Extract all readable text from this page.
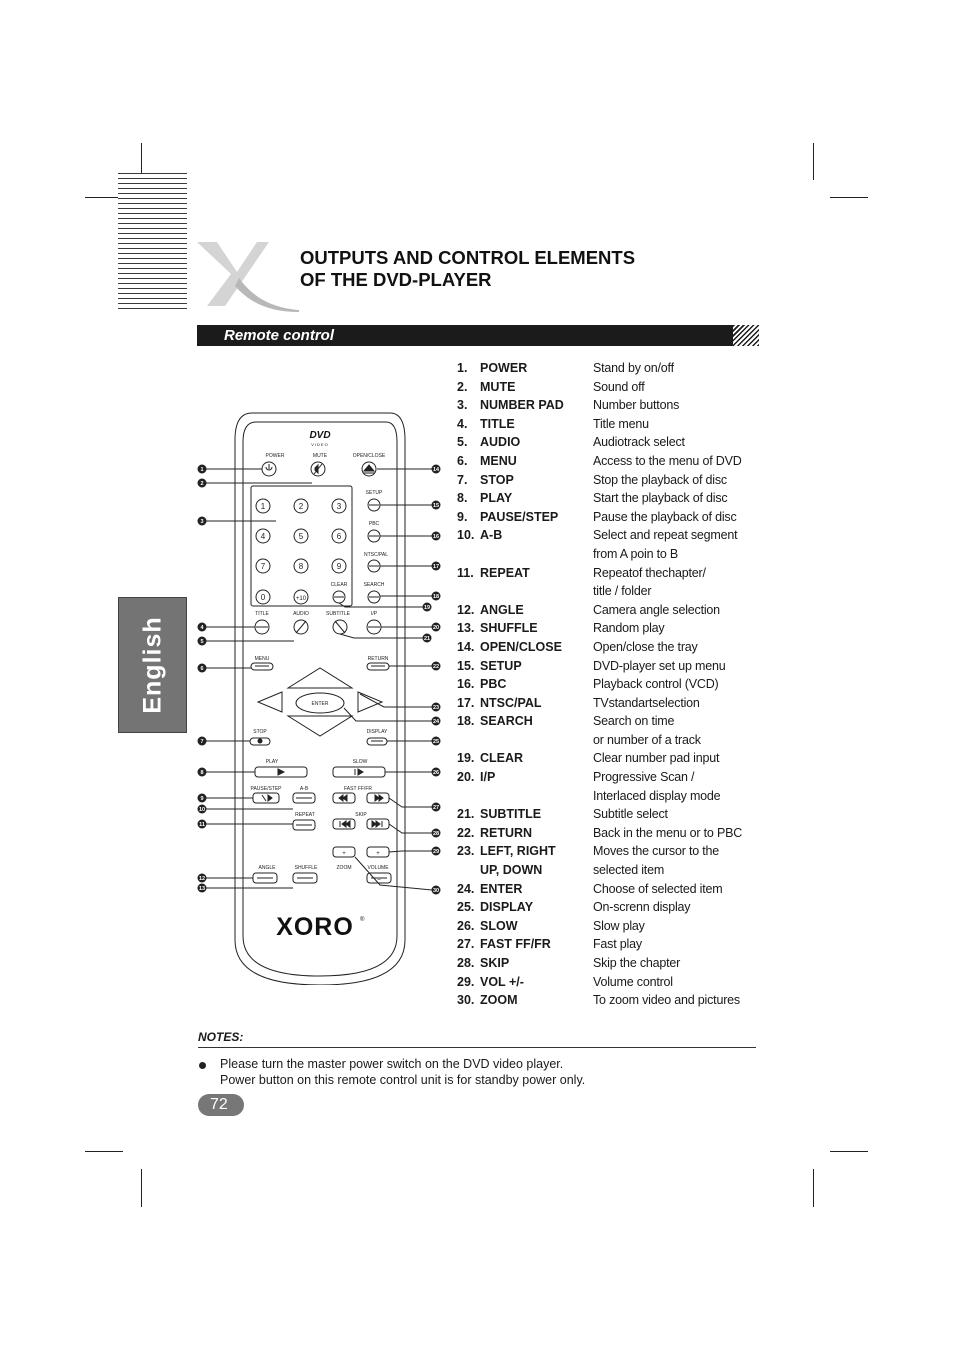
OUTPUTS AND CONTROL ELEMENTS
OF THE DVD-PLAYER
Remote control
English
DVD
VIDEO
POWER	MUTE	OPEN/CLOSE
SETUP
PBC
NTSC/PAL
CLEAR	SEARCH
TITLE	AUDIO	SUBTITLE	I/P
MENU	RETURN
STOP	DISPLAY
PLAY	SLOW
PAUSE/STEP	A-B	FAST FF/FR
REPEAT	SKIP
ANGLE	SHUFFLE	ZOOM	VOLUME
1	2	3
4	5	6
7	8	9
0	+10
ENTER
+	+
–
XORO ®
1
2
3
4
5
6
7
8
9
10
11
12
13
14
15
16
17
18
19
20
21
22
23
24
25
26
27
28
29
30
1.	POWER	Stand by on/off
2.	MUTE	Sound off
3.	NUMBER PAD	Number buttons
4.	TITLE	Title menu
5.	AUDIO	Audiotrack select
6.	MENU	Access to the menu of DVD
7.	STOP	Stop the playback of disc
8.	PLAY	Start the playback of disc
9.	PAUSE/STEP	Pause the playback of disc
10. A-B	Select and repeat segment
from A poin to B
11. REPEAT	Repeatof thechapter/
title / folder
12. ANGLE	Camera angle selection
13. SHUFFLE	Random play
14. OPEN/CLOSE	Open/close the tray
15. SETUP	DVD-player set up menu
16. PBC	Playback control (VCD)
17. NTSC/PAL	TVstandartselection
18. SEARCH	Search on time
or number of a track
19. CLEAR	Clear number pad input
20. I/P	Progressive Scan /
Interlaced display mode
21. SUBTITLE	Subtitle select
22. RETURN	Back in the menu or to PBC
23. LEFT, RIGHT	Moves the cursor to the
UP, DOWN	selected item
24. ENTER	Choose of selected item
25. DISPLAY	On-screnn display
26. SLOW	Slow play
27. FAST FF/FR	Fast play
28. SKIP	Skip the chapter
29. VOL +/-	Volume control
30. ZOOM	To zoom video and pictures
NOTES:
Please turn the master power switch on the DVD video player.
Power button on this remote control unit is for standby power only.
72
